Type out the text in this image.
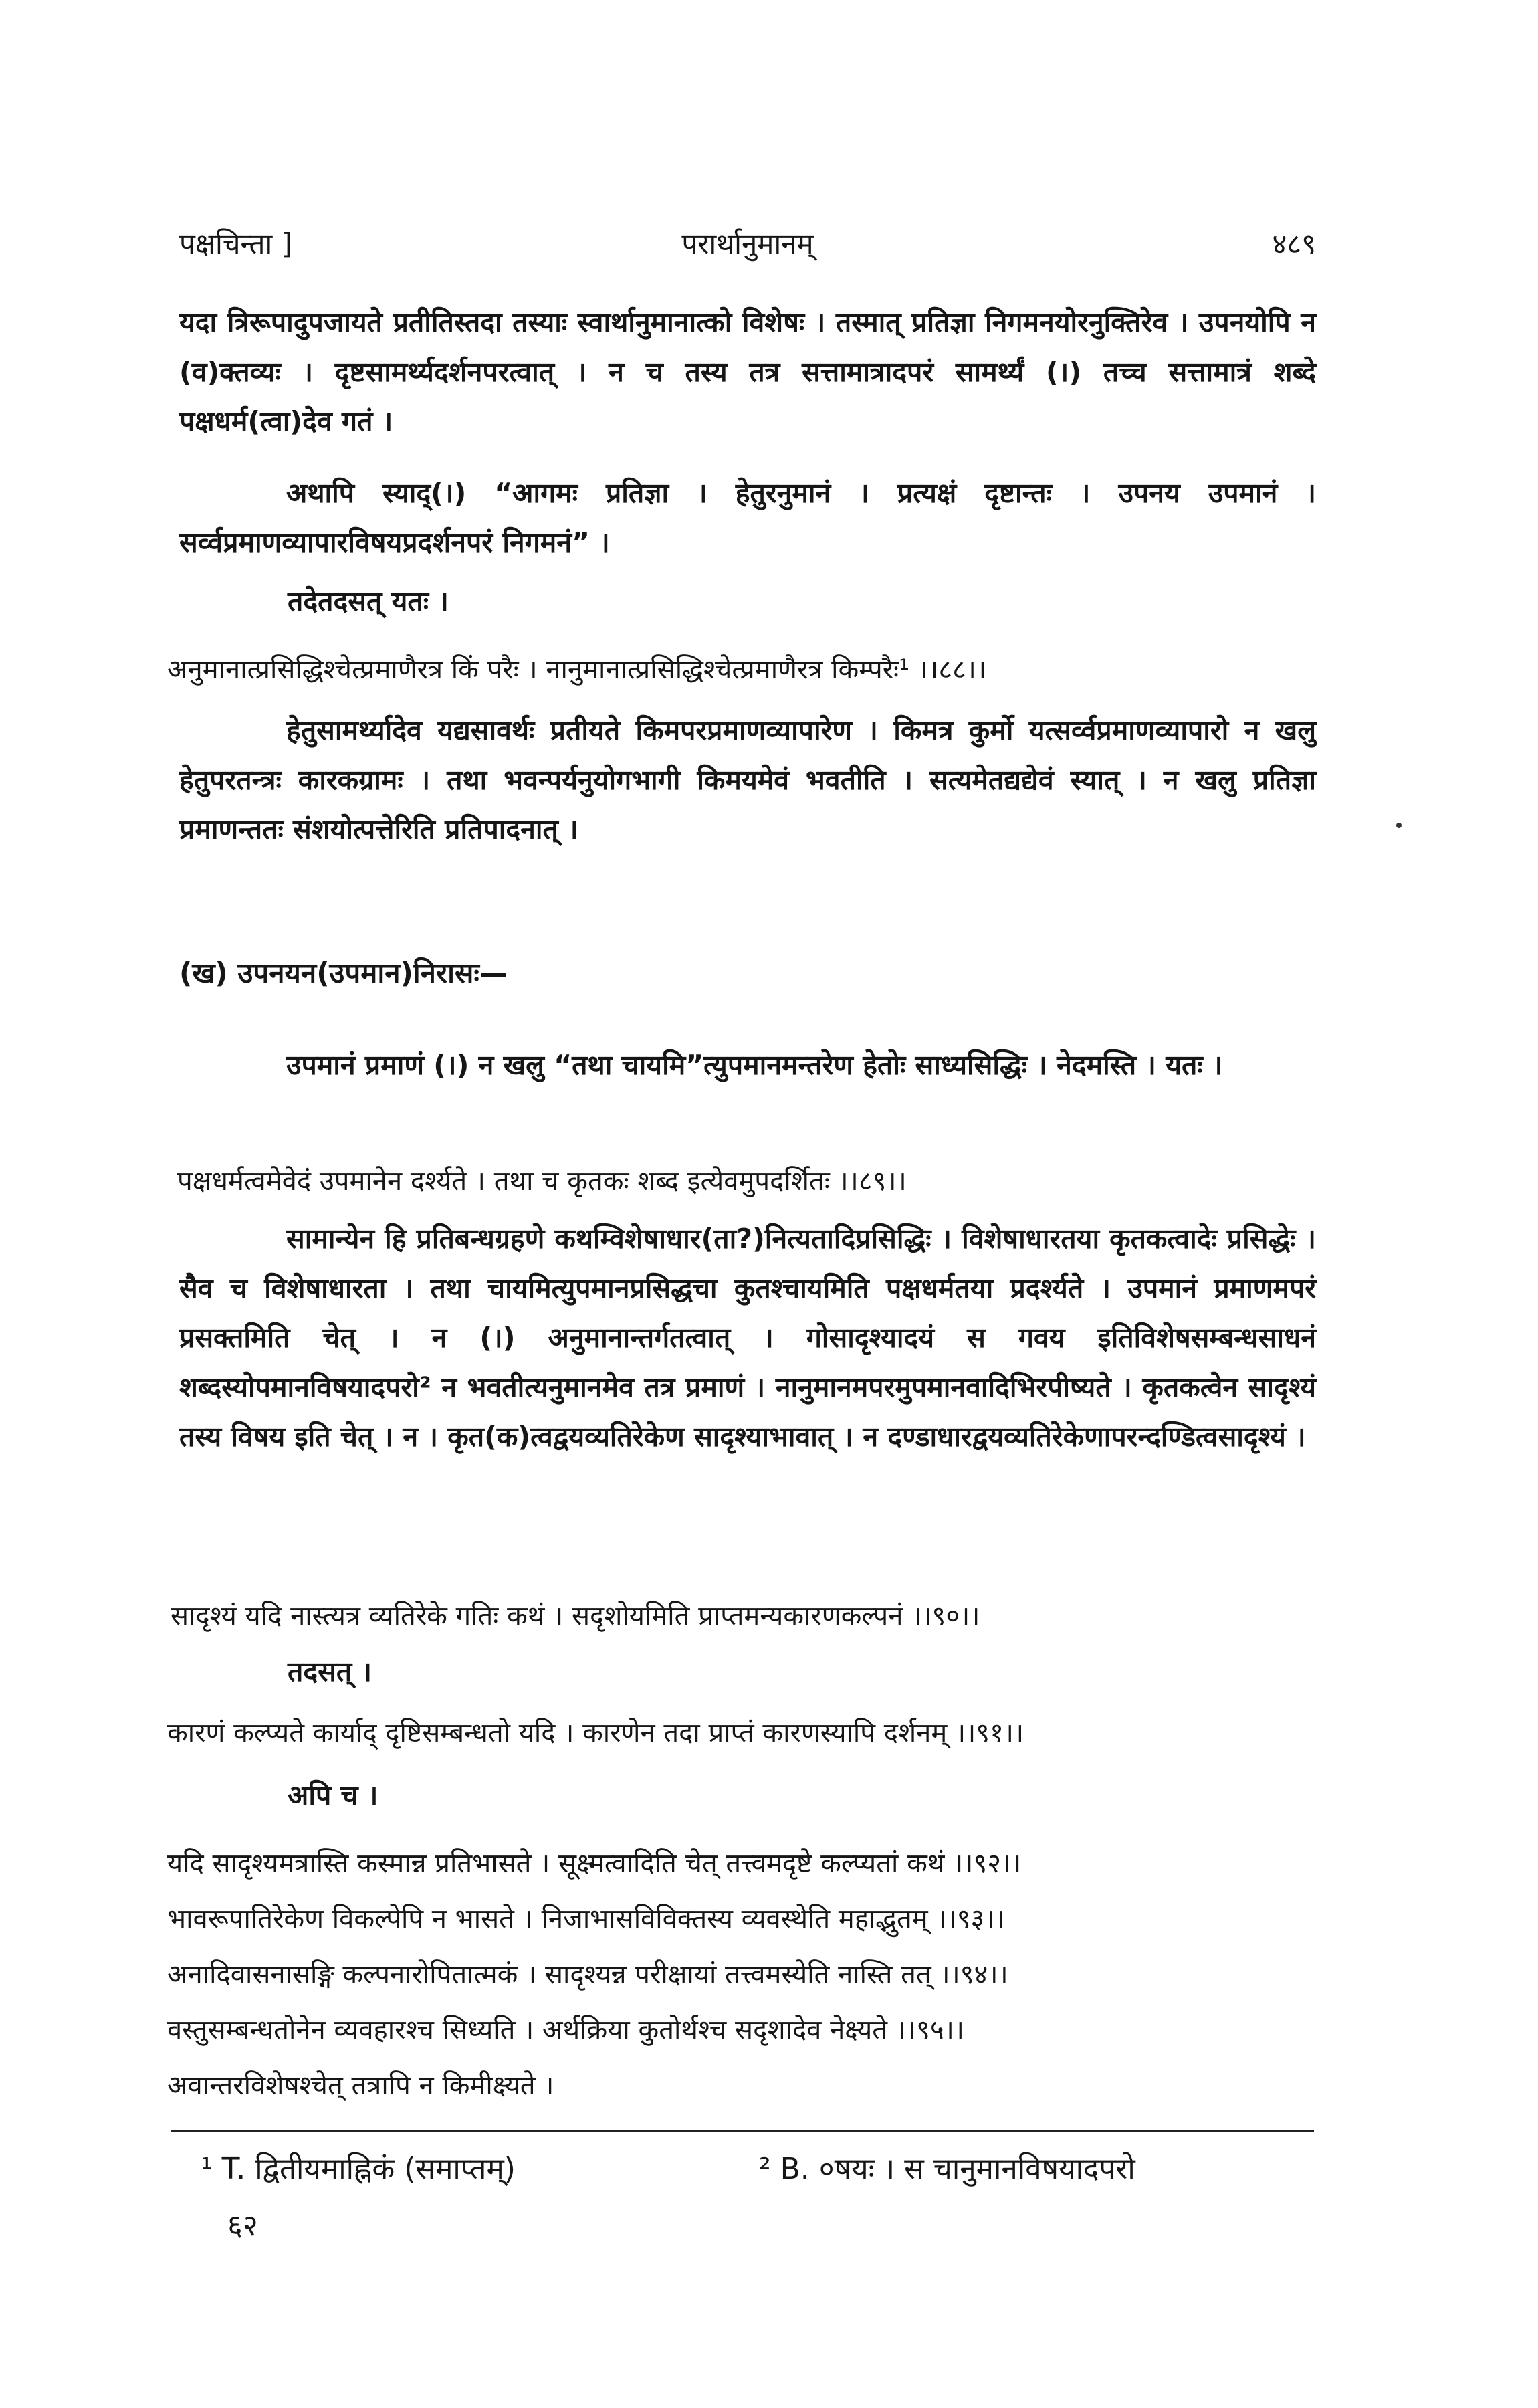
पक्षचिन्ता ]	परार्थानुमानम्	४८९

यदा त्रिरूपादुपजायते प्रतीतिस्तदा तस्याः स्वार्थानुमानात्को विशेषः । तस्मात् प्रतिज्ञा निगमनयोरनुक्तिरेव । उपनयोपि न (व)क्तव्यः । दृष्टसामर्थ्यदर्शनपरत्वात् । न च तस्य तत्र सत्तामात्रादपरं सामर्थ्यं (।) तच्च सत्तामात्रं शब्दे पक्षधर्म(त्वा)देव गतं ।

अथापि स्याद्(।) “आगमः प्रतिज्ञा । हेतुरनुमानं । प्रत्यक्षं दृष्टान्तः । उपनय उपमानं । सर्व्वप्रमाणव्यापारविषयप्रदर्शनपरं निगमनं” ।

तदेतदसत् यतः ।

अनुमानात्प्रसिद्धिश्चेत्प्रमाणैरत्र किं परैः । नानुमानात्प्रसिद्धिश्चेत्प्रमाणैरत्र किम्परैः¹ ।।८८।।

हेतुसामर्थ्यादेव यद्यसावर्थः प्रतीयते किमपरप्रमाणव्यापारेण । किमत्र कुर्मो यत्सर्व्वप्रमाणव्यापारो न खलु हेतुपरतन्त्रः कारकग्रामः । तथा भवन्पर्यनुयोगभागी किमयमेवं भवतीति । सत्यमेतद्यद्येवं स्यात् । न खलु प्रतिज्ञा प्रमाणन्ततः संशयोत्पत्तेरिति प्रतिपादनात् ।

(ख) उपनयन(उपमान)निरासः—

उपमानं प्रमाणं (।) न खलु “तथा चायमि”त्युपमानमन्तरेण हेतोः साध्यसिद्धिः । नेदमस्ति । यतः ।

पक्षधर्मत्वमेवेदं उपमानेन दर्श्यते । तथा च कृतकः शब्द इत्येवमुपदर्शितः ।।८९।।

सामान्येन हि प्रतिबन्धग्रहणे कथम्विशेषाधार(ता?)नित्यतादिप्रसिद्धिः । विशेषाधारतया कृतकत्वादेः प्रसिद्धेः । सैव च विशेषाधारता । तथा चायमित्युपमानप्रसिद्धचा कुतश्चायमिति पक्षधर्मतया प्रदर्श्यते । उपमानं प्रमाणमपरं प्रसक्तमिति चेत् । न (।) अनुमानान्तर्गतत्वात् । गोसादृश्यादयं स गवय इतिविशेषसम्बन्धसाधनं शब्दस्योपमानविषयादपरो² न भवतीत्यनुमानमेव तत्र प्रमाणं । नानुमानमपरमुपमानवादिभिरपीष्यते । कृतकत्वेन सादृश्यं तस्य विषय इति चेत् । न । कृत(क)त्वद्वयव्यतिरेकेण सादृश्याभावात् । न दण्डाधारद्वयव्यतिरेकेणापरन्दण्डित्वसादृश्यं ।

सादृश्यं यदि नास्त्यत्र व्यतिरेके गतिः कथं । सदृशोयमिति प्राप्तमन्यकारणकल्पनं ।।९०।।

तदसत् ।

कारणं कल्प्यते कार्याद् दृष्टिसम्बन्धतो यदि । कारणेन तदा प्राप्तं कारणस्यापि दर्शनम् ।।९१।।

अपि च ।

यदि सादृश्यमत्रास्ति कस्मान्न प्रतिभासते । सूक्ष्मत्वादिति चेत् तत्त्वमदृष्टे कल्प्यतां कथं ।।९२।।

भावरूपातिरेकेण विकल्पेपि न भासते । निजाभासविविक्तस्य व्यवस्थेति महाद्भुतम् ।।९३।।

अनादिवासनासङ्गि कल्पनारोपितात्मकं । सादृश्यन्न परीक्षायां तत्त्वमस्येति नास्ति तत् ।।९४।।

वस्तुसम्बन्धतोनेन व्यवहारश्च सिध्यति । अर्थक्रिया कुतोर्थश्च सदृशादेव नेक्ष्यते ।।९५।।

अवान्तरविशेषश्चेत् तत्रापि न किमीक्ष्यते ।

¹ T. द्वितीयमाह्निकं (समाप्तम्)	² B. ०षयः । स चानुमानविषयादपरो
६२
